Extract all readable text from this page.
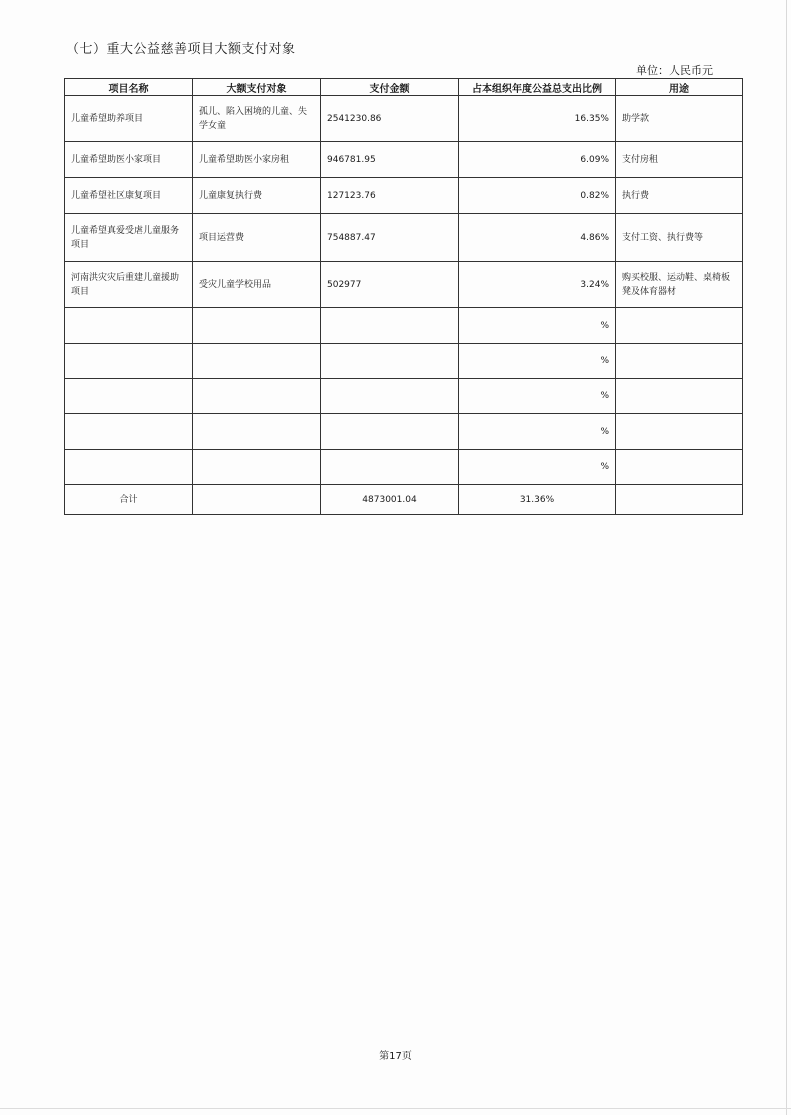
（七）重大公益慈善项目大额支付对象
单位：人民币元
项目名称	大额支付对象	支付金额	占本组织年度公益总支出比例	用途
儿童希望助养项目	孤儿、陷入困境的儿童、失学女童	2541230.86	16.35%	助学款
儿童希望助医小家项目	儿童希望助医小家房租	946781.95	6.09%	支付房租
儿童希望社区康复项目	儿童康复执行费	127123.76	0.82%	执行费
儿童希望真爱受虐儿童服务项目	项目运营费	754887.47	4.86%	支付工资、执行费等
河南洪灾灾后重建儿童援助项目	受灾儿童学校用品	502977	3.24%	购买校服、运动鞋、桌椅板凳及体育器材
			%	
			%	
			%	
			%	
			%	
合计		4873001.04	31.36%	
第17页
